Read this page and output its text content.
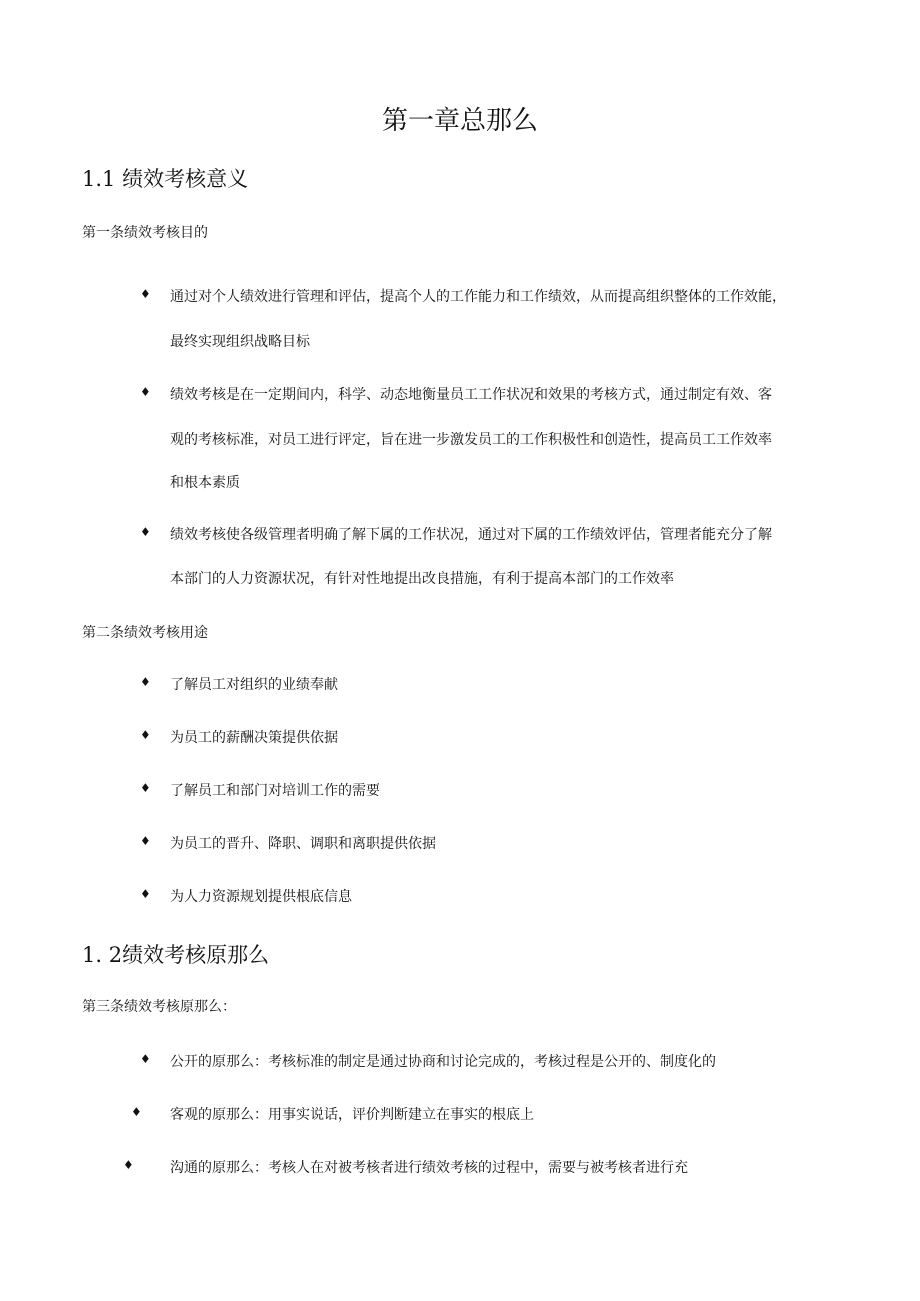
第一章总那么
1.1 绩效考核意义
第一条绩效考核目的
♦ 通过对个人绩效进行管理和评估，提高个人的工作能力和工作绩效，从而提高组织整体的工作效能，
最终实现组织战略目标
♦ 绩效考核是在一定期间内，科学、动态地衡量员工工作状况和效果的考核方式，通过制定有效、客
观的考核标准，对员工进行评定，旨在进一步激发员工的工作积极性和创造性，提高员工工作效率
和根本素质
♦ 绩效考核使各级管理者明确了解下属的工作状况，通过对下属的工作绩效评估，管理者能充分了解
本部门的人力资源状况，有针对性地提出改良措施，有利于提高本部门的工作效率
第二条绩效考核用途
♦ 了解员工对组织的业绩奉献
♦ 为员工的薪酬决策提供依据
♦ 了解员工和部门对培训工作的需要
♦ 为员工的晋升、降职、调职和离职提供依据
♦ 为人力资源规划提供根底信息
1. 2绩效考核原那么
第三条绩效考核原那么：
♦ 公开的原那么：考核标准的制定是通过协商和讨论完成的，考核过程是公开的、制度化的
♦ 客观的原那么：用事实说话，评价判断建立在事实的根底上
♦	沟通的原那么：考核人在对被考核者进行绩效考核的过程中，需要与被考核者进行充
